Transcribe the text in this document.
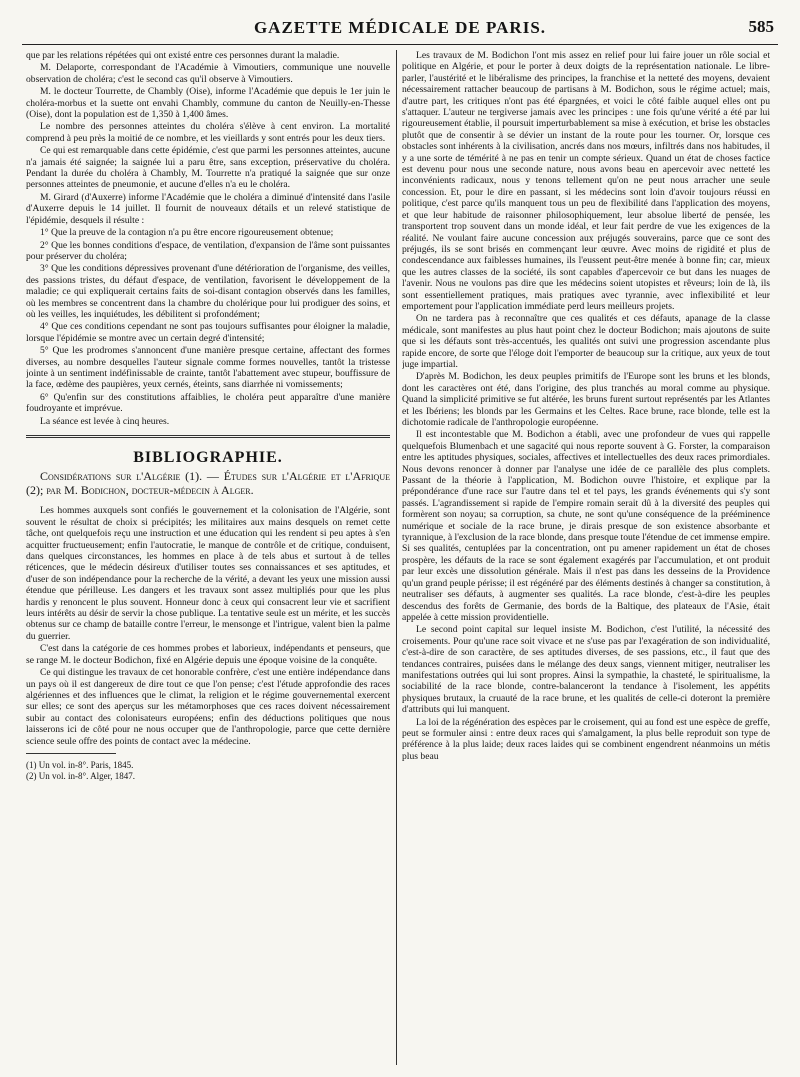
GAZETTE MÉDICALE DE PARIS.	585

que par les relations répétées qui ont existé entre ces personnes durant la maladie.

M. Delaporte, correspondant de l'Académie à Vimoutiers, communique une nouvelle observation de choléra; c'est le second cas qu'il observe à Vimoutiers.

M. le docteur Tourrette, de Chambly (Oise), informe l'Académie que depuis le 1er juin le choléra-morbus et la suette ont envahi Chambly, commune du canton de Neuilly-en-Thesse (Oise), dont la population est de 1,350 à 1,400 âmes.

Le nombre des personnes atteintes du choléra s'élève à cent environ. La mortalité comprend à peu près la moitié de ce nombre, et les vieillards y sont entrés pour les deux tiers.

Ce qui est remarquable dans cette épidémie, c'est que parmi les personnes atteintes, aucune n'a jamais été saignée; la saignée lui a paru être, sans exception, préservative du choléra. Pendant la durée du choléra à Chambly, M. Tourrette n'a pratiqué la saignée que sur onze personnes atteintes de pneumonie, et aucune d'elles n'a eu le choléra.

M. Girard (d'Auxerre) informe l'Académie que le choléra a diminué d'intensité dans l'asile d'Auxerre depuis le 14 juillet. Il fournit de nouveaux détails et un relevé statistique de l'épidémie, desquels il résulte :

1° Que la preuve de la contagion n'a pu être encore rigoureusement obtenue;

2° Que les bonnes conditions d'espace, de ventilation, d'expansion de l'âme sont puissantes pour préserver du choléra;

3° Que les conditions dépressives provenant d'une détérioration de l'organisme, des veilles, des passions tristes, du défaut d'espace, de ventilation, favorisent le développement de la maladie; ce qui expliquerait certains faits de soi-disant contagion observés dans les familles, où les membres se concentrent dans la chambre du cholérique pour lui prodiguer des soins, et où les veilles, les inquiétudes, les débilitent si profondément;

4° Que ces conditions cependant ne sont pas toujours suffisantes pour éloigner la maladie, lorsque l'épidémie se montre avec un certain degré d'intensité;

5° Que les prodromes s'annoncent d'une manière presque certaine, affectant des formes diverses, au nombre desquelles l'auteur signale comme formes nouvelles, tantôt la tristesse jointe à un sentiment indéfinissable de crainte, tantôt l'abattement avec stupeur, bouffissure de la face, œdème des paupières, yeux cernés, éteints, sans diarrhée ni vomissements;

6° Qu'enfin sur des constitutions affaiblies, le choléra peut apparaître d'une manière foudroyante et imprévue.

La séance est levée à cinq heures.

BIBLIOGRAPHIE.
Considérations sur l'Algérie (1). — Études sur l'Algérie et l'Afrique (2); par M. Bodichon, docteur-médecin à Alger.

Les hommes auxquels sont confiés le gouvernement et la colonisation de l'Algérie, sont souvent le résultat de choix si précipités; les militaires aux mains desquels on remet cette tâche, ont quelquefois reçu une instruction et une éducation qui les rendent si peu aptes à s'en acquitter fructueusement; enfin l'autocratie, le manque de contrôle et de critique, conduisent, dans quelques circonstances, les hommes en place à de tels abus et surtout à de telles réticences, que le médecin désireux d'utiliser toutes ses connaissances et ses aptitudes, et d'user de son indépendance pour la recherche de la vérité, a devant les yeux une mission aussi étendue que périlleuse. Les dangers et les travaux sont assez multipliés pour que les plus hardis y renoncent le plus souvent. Honneur donc à ceux qui consacrent leur vie et sacrifient leurs intérêts au désir de servir la chose publique. La tentative seule est un mérite, et les succès obtenus sur ce champ de bataille contre l'erreur, le mensonge et l'intrigue, valent bien la palme du guerrier.

C'est dans la catégorie de ces hommes probes et laborieux, indépendants et penseurs, que se range M. le docteur Bodichon, fixé en Algérie depuis une époque voisine de la conquête.

Ce qui distingue les travaux de cet honorable confrère, c'est une entière indépendance dans un pays où il est dangereux de dire tout ce que l'on pense; c'est l'étude approfondie des races algériennes et des influences que le climat, la religion et le régime gouvernemental exercent sur elles; ce sont des aperçus sur les métamorphoses que ces races doivent nécessairement subir au contact des colonisateurs européens; enfin des déductions politiques que nous laisserons ici de côté pour ne nous occuper que de l'anthropologie, parce que cette dernière science seule offre des points de contact avec la médecine.

(1) Un vol. in-8°. Paris, 1845.
(2) Un vol. in-8°. Alger, 1847.

Les travaux de M. Bodichon l'ont mis assez en relief pour lui faire jouer un rôle social et politique en Algérie, et pour le porter à deux doigts de la représentation nationale. Le libre-parler, l'austérité et le libéralisme des principes, la franchise et la netteté des moyens, devaient nécessairement rattacher beaucoup de partisans à M. Bodichon, sous le régime actuel; mais, d'autre part, les critiques n'ont pas été épargnées, et voici le côté faible auquel elles ont pu s'attaquer. L'auteur ne tergiverse jamais avec les principes : une fois qu'une vérité a été par lui rigoureusement établie, il poursuit imperturbablement sa mise à exécution, et brise les obstacles plutôt que de consentir à se dévier un instant de la route pour les tourner. Or, lorsque ces obstacles sont inhérents à la civilisation, ancrés dans nos mœurs, infiltrés dans nos habitudes, il y a une sorte de témérité à ne pas en tenir un compte sérieux. Quand un état de choses factice est devenu pour nous une seconde nature, nous avons beau en apercevoir avec netteté les inconvénients radicaux, nous y tenons tellement qu'on ne peut nous arracher une seule concession. Et, pour le dire en passant, si les médecins sont loin d'avoir toujours réussi en politique, c'est parce qu'ils manquent tous un peu de flexibilité dans l'application des moyens, et que leur habitude de raisonner philosophiquement, leur absolue liberté de pensée, les transportent trop souvent dans un monde idéal, et leur fait perdre de vue les exigences de la réalité. Ne voulant faire aucune concession aux préjugés souverains, parce que ce sont des préjugés, ils se sont brisés en commençant leur œuvre. Avec moins de rigidité et plus de condescendance aux faiblesses humaines, ils l'eussent peut-être menée à bonne fin; car, mieux que les autres classes de la société, ils sont capables d'apercevoir ce but dans les nuages de l'avenir. Nous ne voulons pas dire que les médecins soient utopistes et rêveurs; loin de là, ils sont essentiellement pratiques, mais pratiques avec tyrannie, avec inflexibilité et leur emportement pour l'application immédiate perd leurs meilleurs projets.

On ne tardera pas à reconnaître que ces qualités et ces défauts, apanage de la classe médicale, sont manifestes au plus haut point chez le docteur Bodichon; mais ajoutons de suite que si les défauts sont très-accentués, les qualités ont suivi une progression ascendante plus rapide encore, de sorte que l'éloge doit l'emporter de beaucoup sur la critique, aux yeux de tout juge impartial.

D'après M. Bodichon, les deux peuples primitifs de l'Europe sont les bruns et les blonds, dont les caractères ont été, dans l'origine, des plus tranchés au moral comme au physique. Quand la simplicité primitive se fut altérée, les bruns furent surtout représentés par les Atlantes et les Ibériens; les blonds par les Germains et les Celtes. Race brune, race blonde, telle est la dichotomie radicale de l'anthropologie européenne.

Il est incontestable que M. Bodichon a établi, avec une profondeur de vues qui rappelle quelquefois Blumenbach et une sagacité qui nous reporte souvent à G. Forster, la comparaison entre les aptitudes physiques, sociales, affectives et intellectuelles des deux races primordiales. Nous devons renoncer à donner par l'analyse une idée de ce parallèle des plus complets. Passant de la théorie à l'application, M. Bodichon ouvre l'histoire, et explique par la prépondérance d'une race sur l'autre dans tel et tel pays, les grands événements qui s'y sont passés. L'agrandissement si rapide de l'empire romain serait dû à la diversité des peuples qui formèrent son noyau; sa corruption, sa chute, ne sont qu'une conséquence de la prééminence numérique et sociale de la race brune, je dirais presque de son existence absorbante et tyrannique, à l'exclusion de la race blonde, dans presque toute l'étendue de cet immense empire. Si ses qualités, centuplées par la concentration, ont pu amener rapidement un état de choses prospère, les défauts de la race se sont également exagérés par l'accumulation, et ont produit par leur excès une dissolution générale. Mais il n'est pas dans les desseins de la Providence qu'un grand peuple périsse; il est régénéré par des éléments destinés à changer sa constitution, à neutraliser ses défauts, à augmenter ses qualités. La race blonde, c'est-à-dire les peuples descendus des forêts de Germanie, des bords de la Baltique, des plateaux de l'Asie, était appelée à cette mission providentielle.

Le second point capital sur lequel insiste M. Bodichon, c'est l'utilité, la nécessité des croisements. Pour qu'une race soit vivace et ne s'use pas par l'exagération de son individualité, c'est-à-dire de son caractère, de ses aptitudes diverses, de ses passions, etc., il faut que des tendances contraires, puisées dans le mélange des deux sangs, viennent mitiger, neutraliser les manifestations outrées qui lui sont propres. Ainsi la sympathie, la chasteté, le spiritualisme, la sociabilité de la race blonde, contre-balanceront la tendance à l'isolement, les appétits physiques brutaux, la cruauté de la race brune, et les qualités de celle-ci doteront la première d'attributs qui lui manquent.

La loi de la régénération des espèces par le croisement, qui au fond est une espèce de greffe, peut se formuler ainsi : entre deux races qui s'amalgament, la plus belle reproduit son type de préférence à la plus laide; deux races laides qui se combinent engendrent néanmoins un métis plus beau
